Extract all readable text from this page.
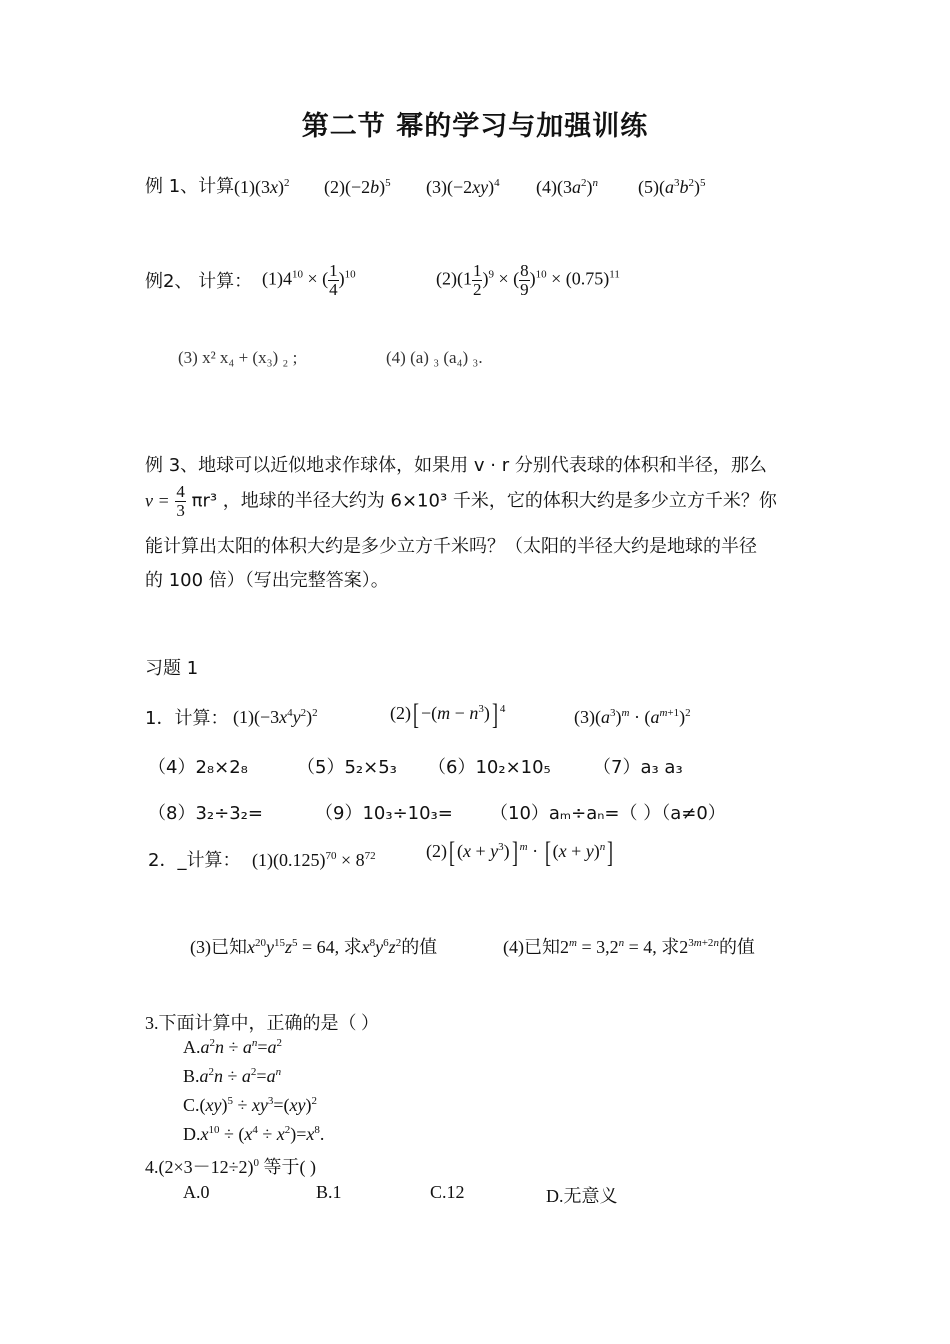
第二节 幂的学习与加强训练
例 1、计算 $(1)(3x)^2$ $(2)(-2b)^5$ $(3)(-2xy)^4$ $(4)(3a^2)^n$ $(5)(a^3b^2)^5$
例2、 计算： $(1)4^{10}$ × ( $\frac{1}{4} )^{10}$	$(2)(1 \frac{1}{2} )^9$ × ( $\frac{8}{9} )^{10} \times (0.75)^{11}$
(3) x² x₄ + (x₃) ₂ ;	(4) (a) ₃ (a₄) ₃.
例 3、地球可以近似地求作球体，如果用 v · r 分别代表球的体积和半径，那么
$v = \frac{4}{3} \pi r^3$ ，地球的半径大约为 6×10³ 千米，它的体积大约是多少立方千米？你
能计算出太阳的体积大约是多少立方千米吗？（太阳的半径大约是地球的半径
的 100 倍）（写出完整答案）。
习题 1
1．计算： $(1)(-3x^4y^2)^2$	$(2)[ -(m - n^3)]$ $^4$	$(3)(a^3)^m \cdot (a^{m+1})^2$
（4）2₈×2₈	（5）5₂×5₃ （6）10₂×10₅ （7）a₃ a₃
（8）3₂÷3₂=	（9）10₃÷10₃= （10）aₘ÷aₙ=（ ）（a≠0）
2．_计算： $(1)(0.125)^{70} \times 8^{72}$	(2)[ $(x + y^3)$] $^m$ · [ $(x + y)^n$]
(3)已知$x^{20}y^{15}z^5 = 64$, 求$x^8y^6z^2$的值	(4)已知$2^m = 3,2^n = 4$, 求$2^{3m+2n}$的值
3.下面计算中，正确的是（ ）
$A.a^2n \div a^n=a^2$
$B.a^2n \div a^2=a^n$
$C.(xy)^5 \div xy^3=(xy)^2$
$D.x^{10} \div (x^4 \div x^2)=x^8$.
$4.(2\times 3-12\div 2)^0$ 等于( )
A.0	B.1	C.12	D.无意义
